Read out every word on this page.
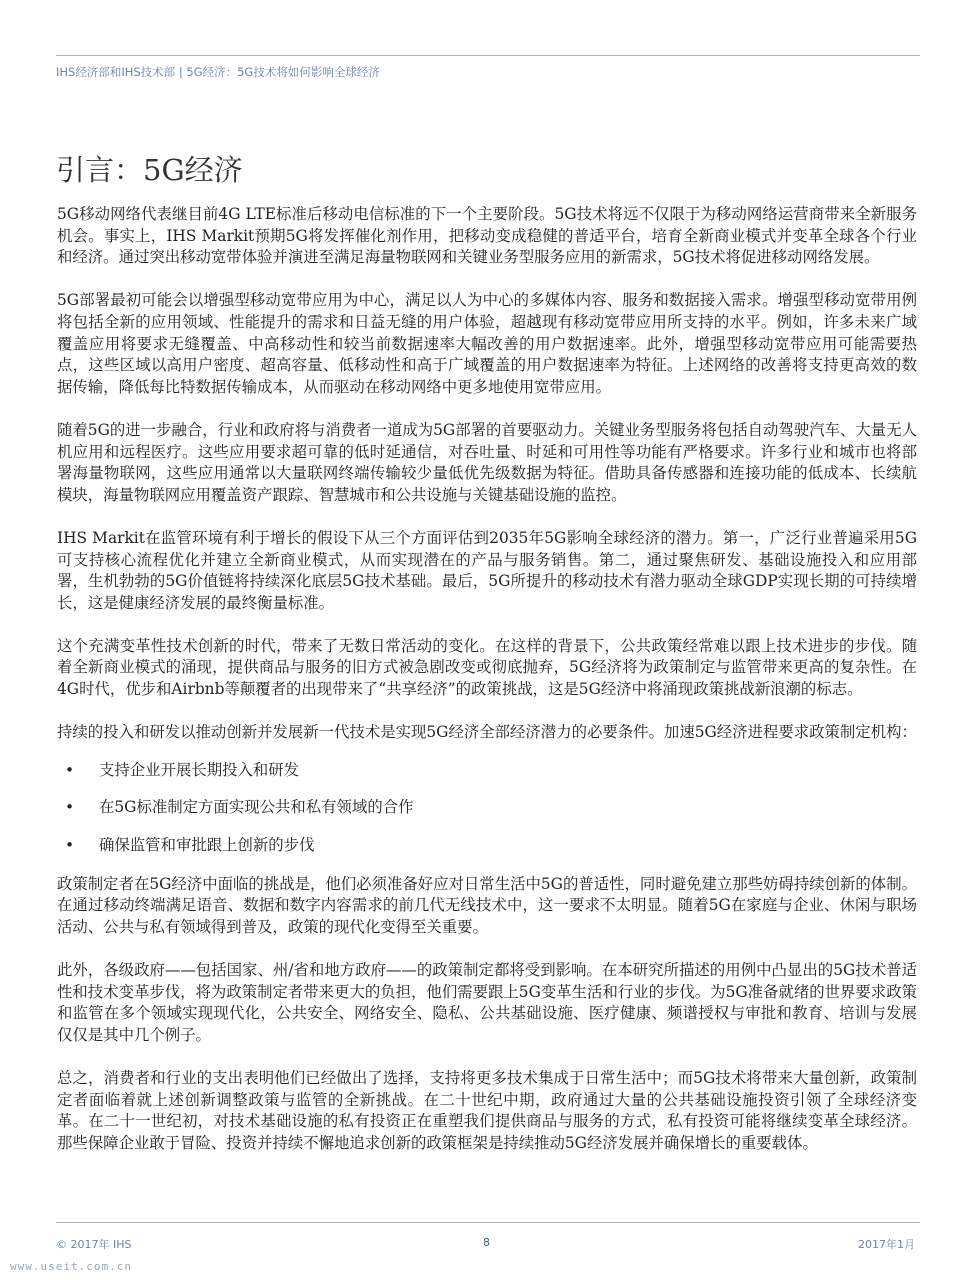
IHS经济部和IHS技术部 | 5G经济：5G技术将如何影响全球经济
引言：5G经济

5G移动网络代表继目前4G LTE标准后移动电信标准的下一个主要阶段。5G技术将远不仅限于为移动网络运营商带来全新服务机会。事实上，IHS Markit预期5G将发挥催化剂作用，把移动变成稳健的普适平台，培育全新商业模式并变革全球各个行业和经济。通过突出移动宽带体验并演进至满足海量物联网和关键业务型服务应用的新需求，5G技术将促进移动网络发展。

5G部署最初可能会以增强型移动宽带应用为中心，满足以人为中心的多媒体内容、服务和数据接入需求。增强型移动宽带用例将包括全新的应用领域、性能提升的需求和日益无缝的用户体验，超越现有移动宽带应用所支持的水平。例如，许多未来广域覆盖应用将要求无缝覆盖、中高移动性和较当前数据速率大幅改善的用户数据速率。此外，增强型移动宽带应用可能需要热点，这些区域以高用户密度、超高容量、低移动性和高于广域覆盖的用户数据速率为特征。上述网络的改善将支持更高效的数据传输，降低每比特数据传输成本，从而驱动在移动网络中更多地使用宽带应用。

随着5G的进一步融合，行业和政府将与消费者一道成为5G部署的首要驱动力。关键业务型服务将包括自动驾驶汽车、大量无人机应用和远程医疗。这些应用要求超可靠的低时延通信，对吞吐量、时延和可用性等功能有严格要求。许多行业和城市也将部署海量物联网，这些应用通常以大量联网终端传输较少量低优先级数据为特征。借助具备传感器和连接功能的低成本、长续航模块，海量物联网应用覆盖资产跟踪、智慧城市和公共设施与关键基础设施的监控。

IHS Markit在监管环境有利于增长的假设下从三个方面评估到2035年5G影响全球经济的潜力。第一，广泛行业普遍采用5G可支持核心流程优化并建立全新商业模式，从而实现潜在的产品与服务销售。第二，通过聚焦研发、基础设施投入和应用部署，生机勃勃的5G价值链将持续深化底层5G技术基础。最后，5G所提升的移动技术有潜力驱动全球GDP实现长期的可持续增长，这是健康经济发展的最终衡量标准。

这个充满变革性技术创新的时代，带来了无数日常活动的变化。在这样的背景下，公共政策经常难以跟上技术进步的步伐。随着全新商业模式的涌现，提供商品与服务的旧方式被急剧改变或彻底抛弃，5G经济将为政策制定与监管带来更高的复杂性。在4G时代，优步和Airbnb等颠覆者的出现带来了“共享经济”的政策挑战，这是5G经济中将涌现政策挑战新浪潮的标志。

持续的投入和研发以推动创新并发展新一代技术是实现5G经济全部经济潜力的必要条件。加速5G经济进程要求政策制定机构：

• 支持企业开展长期投入和研发
• 在5G标准制定方面实现公共和私有领域的合作
• 确保监管和审批跟上创新的步伐

政策制定者在5G经济中面临的挑战是，他们必须准备好应对日常生活中5G的普适性，同时避免建立那些妨碍持续创新的体制。在通过移动终端满足语音、数据和数字内容需求的前几代无线技术中，这一要求不太明显。随着5G在家庭与企业、休闲与职场活动、公共与私有领域得到普及，政策的现代化变得至关重要。

此外，各级政府——包括国家、州/省和地方政府——的政策制定都将受到影响。在本研究所描述的用例中凸显出的5G技术普适性和技术变革步伐，将为政策制定者带来更大的负担，他们需要跟上5G变革生活和行业的步伐。为5G准备就绪的世界要求政策和监管在多个领域实现现代化，公共安全、网络安全、隐私、公共基础设施、医疗健康、频谱授权与审批和教育、培训与发展仅仅是其中几个例子。

总之，消费者和行业的支出表明他们已经做出了选择，支持将更多技术集成于日常生活中；而5G技术将带来大量创新，政策制定者面临着就上述创新调整政策与监管的全新挑战。在二十世纪中期，政府通过大量的公共基础设施投资引领了全球经济变革。在二十一世纪初，对技术基础设施的私有投资正在重塑我们提供商品与服务的方式，私有投资可能将继续变革全球经济。那些保障企业敢于冒险、投资并持续不懈地追求创新的政策框架是持续推动5G经济发展并确保增长的重要载体。

© 2017年 IHS	8	2017年1月
www.useit.com.cn
